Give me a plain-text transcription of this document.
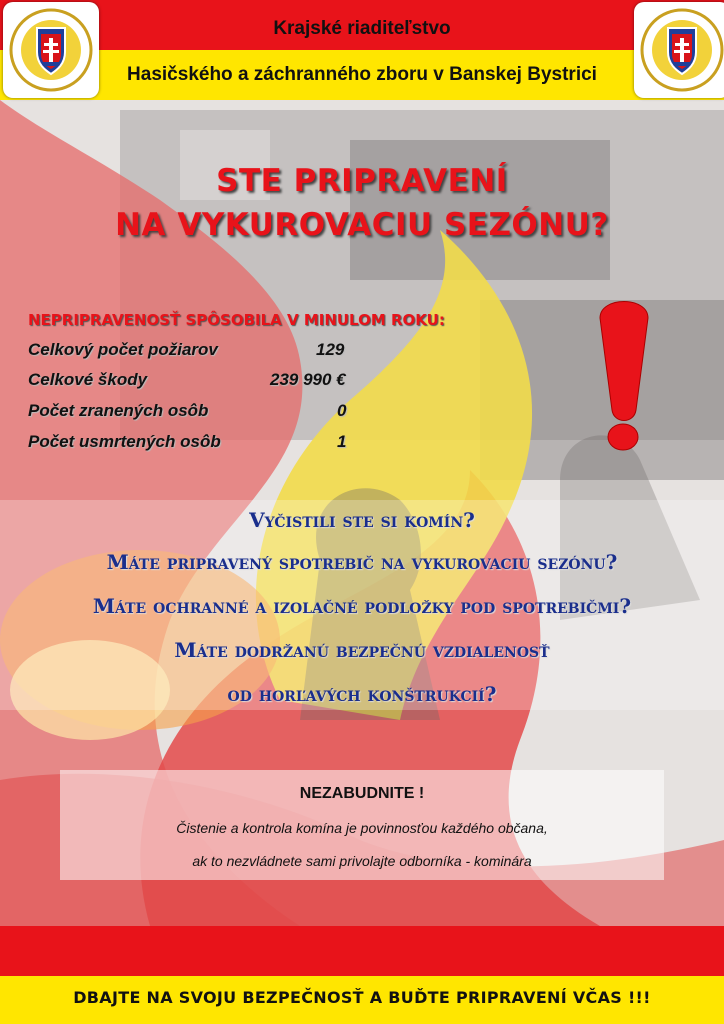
Krajské riaditeľstvo
Hasičského a záchranného zboru v Banskej Bystrici
STE PRIPRAVENÍ
NA VYKUROVACIU SEZÓNU?
NEPRIPRAVENOSŤ SPÔSOBILA V MINULOM ROKU:
Celkový počet požiarov	129
Celkové škody	239 990 €
Počet zranených osôb	0
Počet usmrtených osôb	1
Vyčistili ste si komín?
Máte pripravený spotrebič na vykurovaciu sezónu?
Máte ochranné a izolačné podložky pod spotrebičmi?
Máte dodržanú bezpečnú vzdialenosť
od horľavých konštrukcií?
NEZABUDNITE !
Čistenie a kontrola komína je povinnosťou každého občana,
ak to nezvládnete sami privolajte odborníka - kominára
DBAJTE NA SVOJU BEZPEČNOSŤ A BUĎTE PRIPRAVENÍ VČAS !!!
